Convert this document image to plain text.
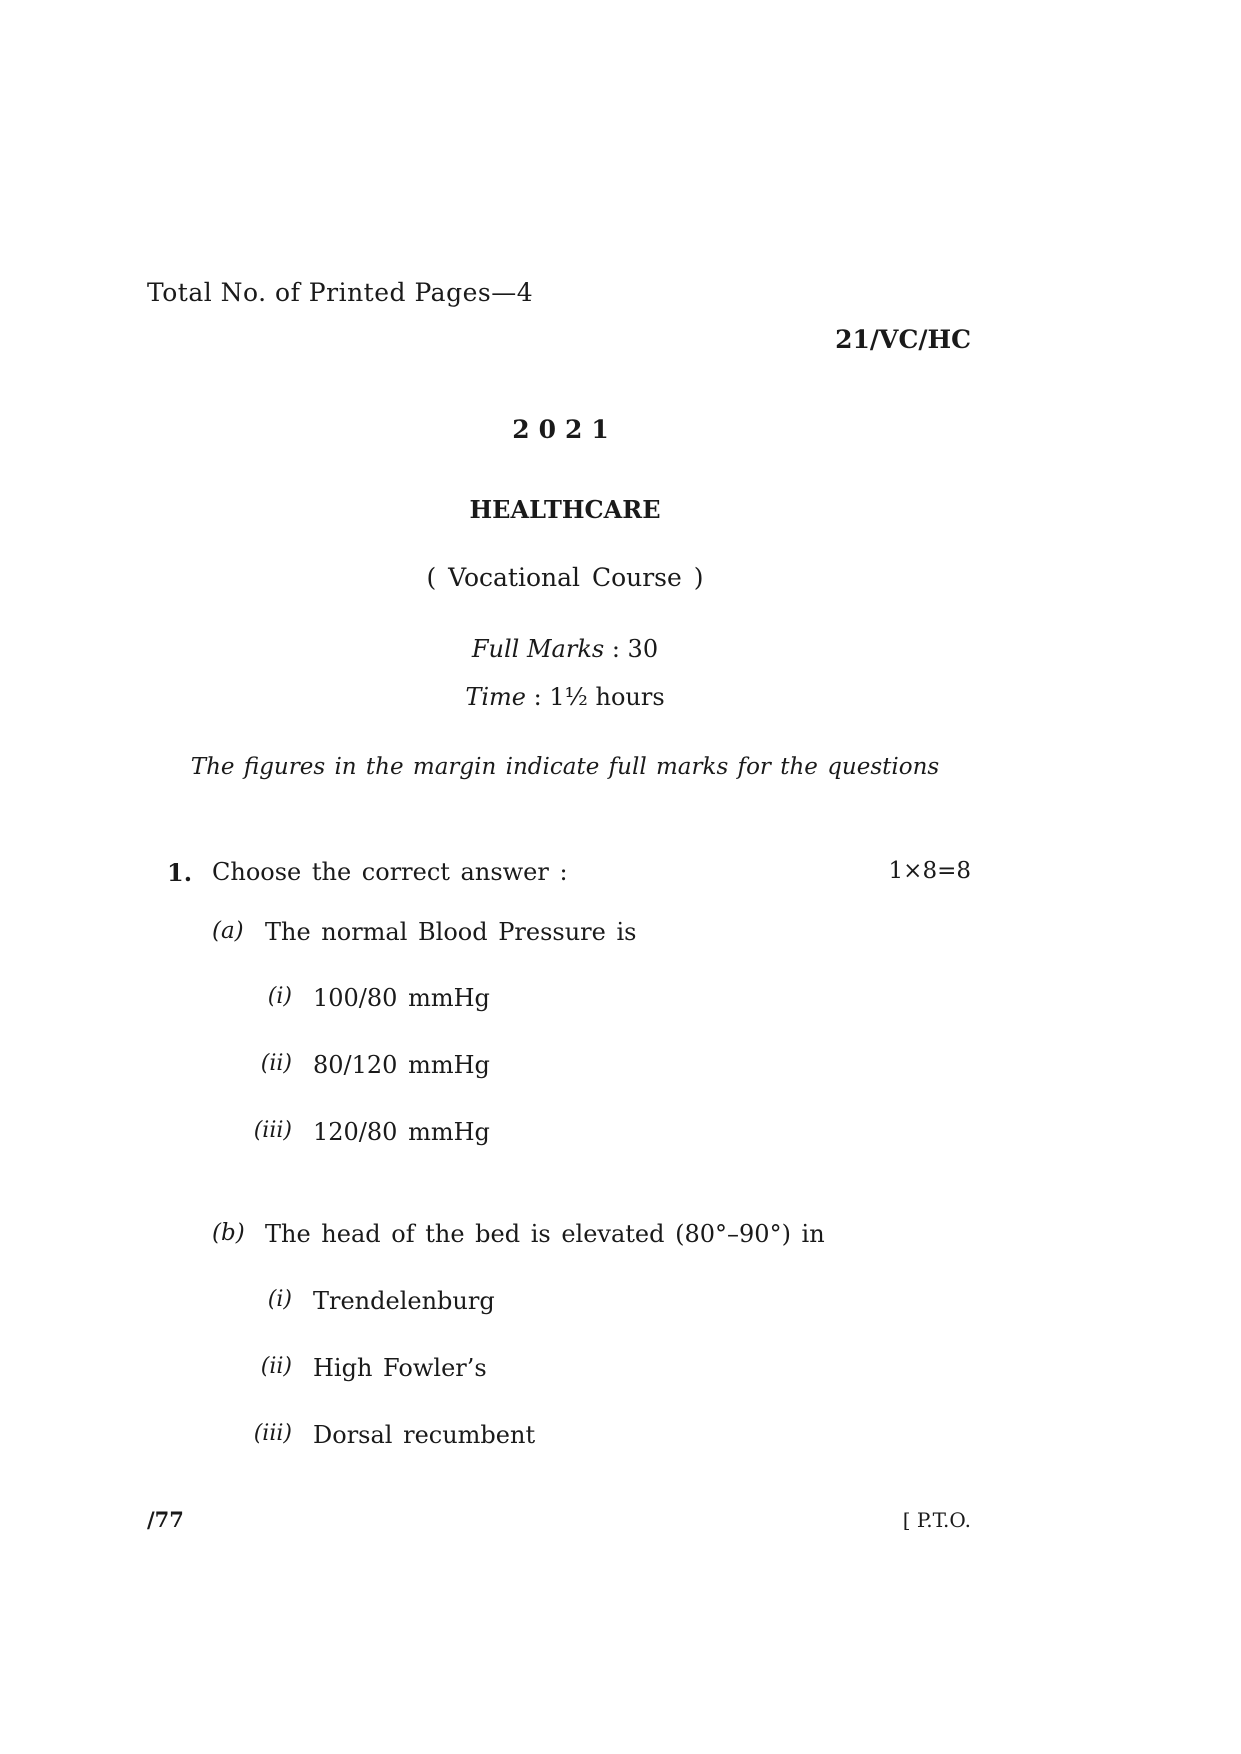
Total No. of Printed Pages—4
21/VC/HC
2021
HEALTHCARE
( Vocational Course )
Full Marks : 30
Time : 1½ hours
The figures in the margin indicate full marks for the questions
1. Choose the correct answer :	1×8=8
(a) The normal Blood Pressure is
(i) 100/80 mmHg
(ii) 80/120 mmHg
(iii) 120/80 mmHg
(b) The head of the bed is elevated (80°–90°) in
(i) Trendelenburg
(ii) High Fowler’s
(iii) Dorsal recumbent
/77	[ P.T.O.
